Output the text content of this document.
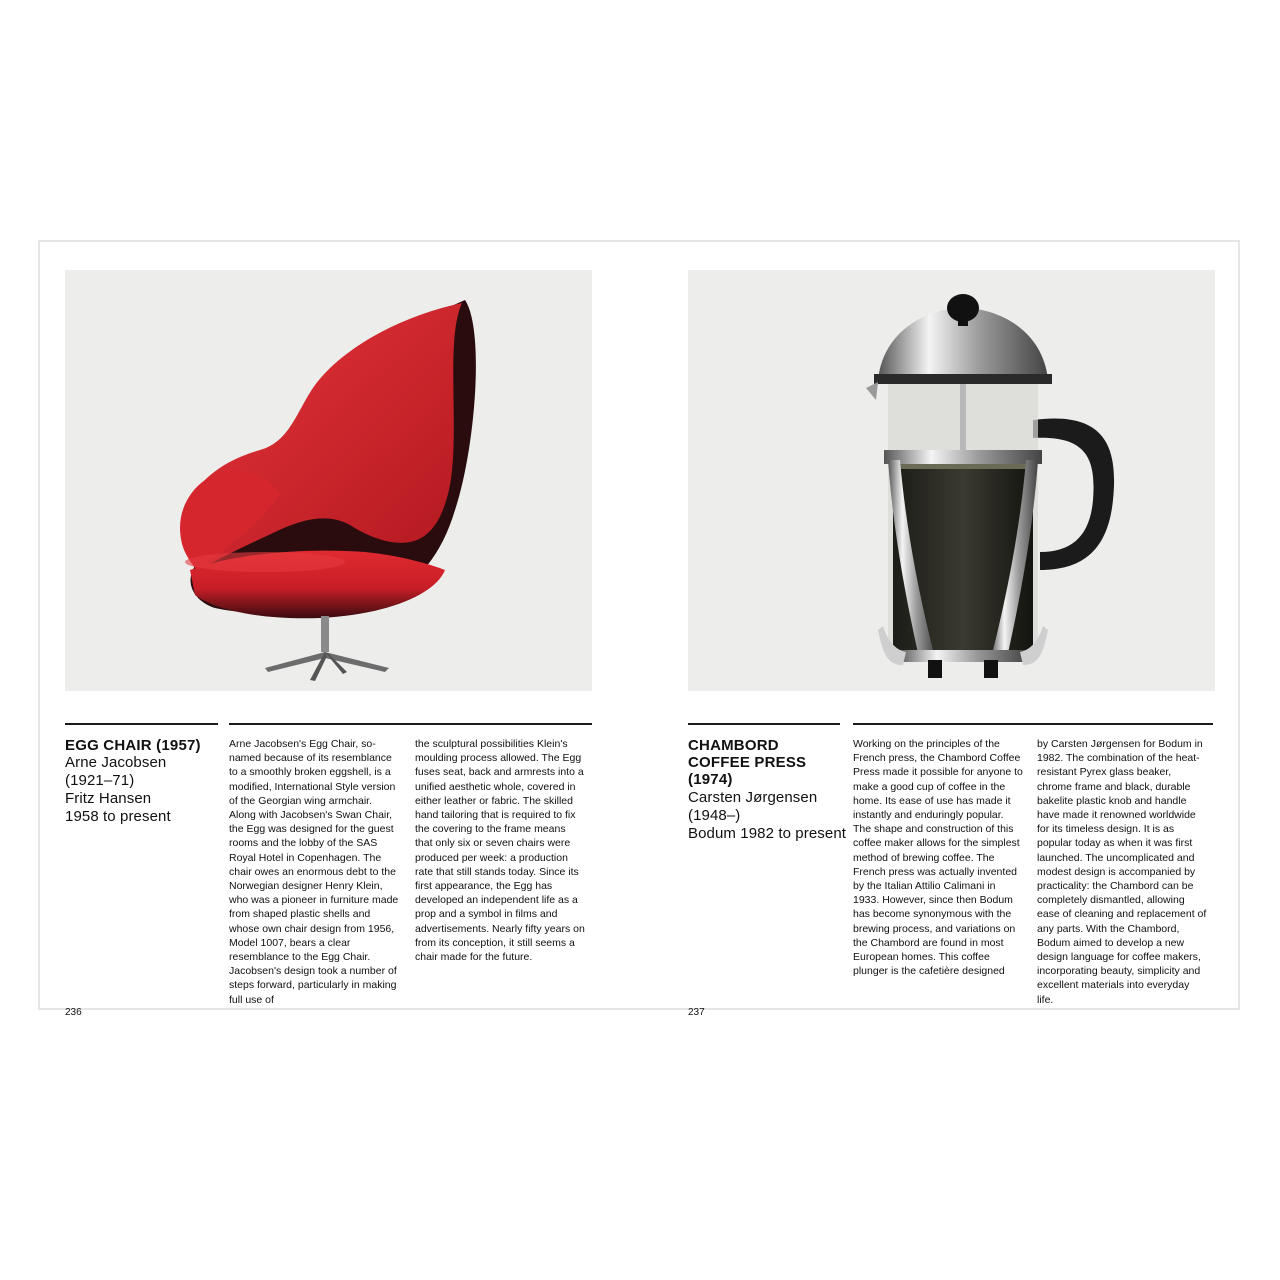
EGG CHAIR (1957)
Arne Jacobsen
(1921–71)
Fritz Hansen
1958 to present

Arne Jacobsen's Egg Chair, so-named because of its resemblance to a smoothly broken eggshell, is a modified, International Style version of the Georgian wing armchair. Along with Jacobsen's Swan Chair, the Egg was designed for the guest rooms and the lobby of the SAS Royal Hotel in Copenhagen. The chair owes an enormous debt to the Norwegian designer Henry Klein, who was a pioneer in furniture made from shaped plastic shells and whose own chair design from 1956, Model 1007, bears a clear resemblance to the Egg Chair. Jacobsen's design took a number of steps forward, particularly in making full use of

the sculptural possibilities Klein's moulding process allowed. The Egg fuses seat, back and armrests into a unified aesthetic whole, covered in either leather or fabric. The skilled hand tailoring that is required to fix the covering to the frame means that only six or seven chairs were produced per week: a production rate that still stands today. Since its first appearance, the Egg has developed an independent life as a prop and a symbol in films and advertisements. Nearly fifty years on from its conception, it still seems a chair made for the future.

236
CHAMBORD
COFFEE PRESS
(1974)
Carsten Jørgensen
(1948–)
Bodum 1982 to present

Working on the principles of the French press, the Chambord Coffee Press made it possible for anyone to make a good cup of coffee in the home. Its ease of use has made it instantly and enduringly popular. The shape and construction of this coffee maker allows for the simplest method of brewing coffee. The French press was actually invented by the Italian Attilio Calimani in 1933. However, since then Bodum has become synonymous with the brewing process, and variations on the Chambord are found in most European homes. This coffee plunger is the cafetière designed

by Carsten Jørgensen for Bodum in 1982. The combination of the heat-resistant Pyrex glass beaker, chrome frame and black, durable bakelite plastic knob and handle have made it renowned worldwide for its timeless design. It is as popular today as when it was first launched. The uncomplicated and modest design is accompanied by practicality: the Chambord can be completely dismantled, allowing ease of cleaning and replacement of any parts. With the Chambord, Bodum aimed to develop a new design language for coffee makers, incorporating beauty, simplicity and excellent materials into everyday life.

237
